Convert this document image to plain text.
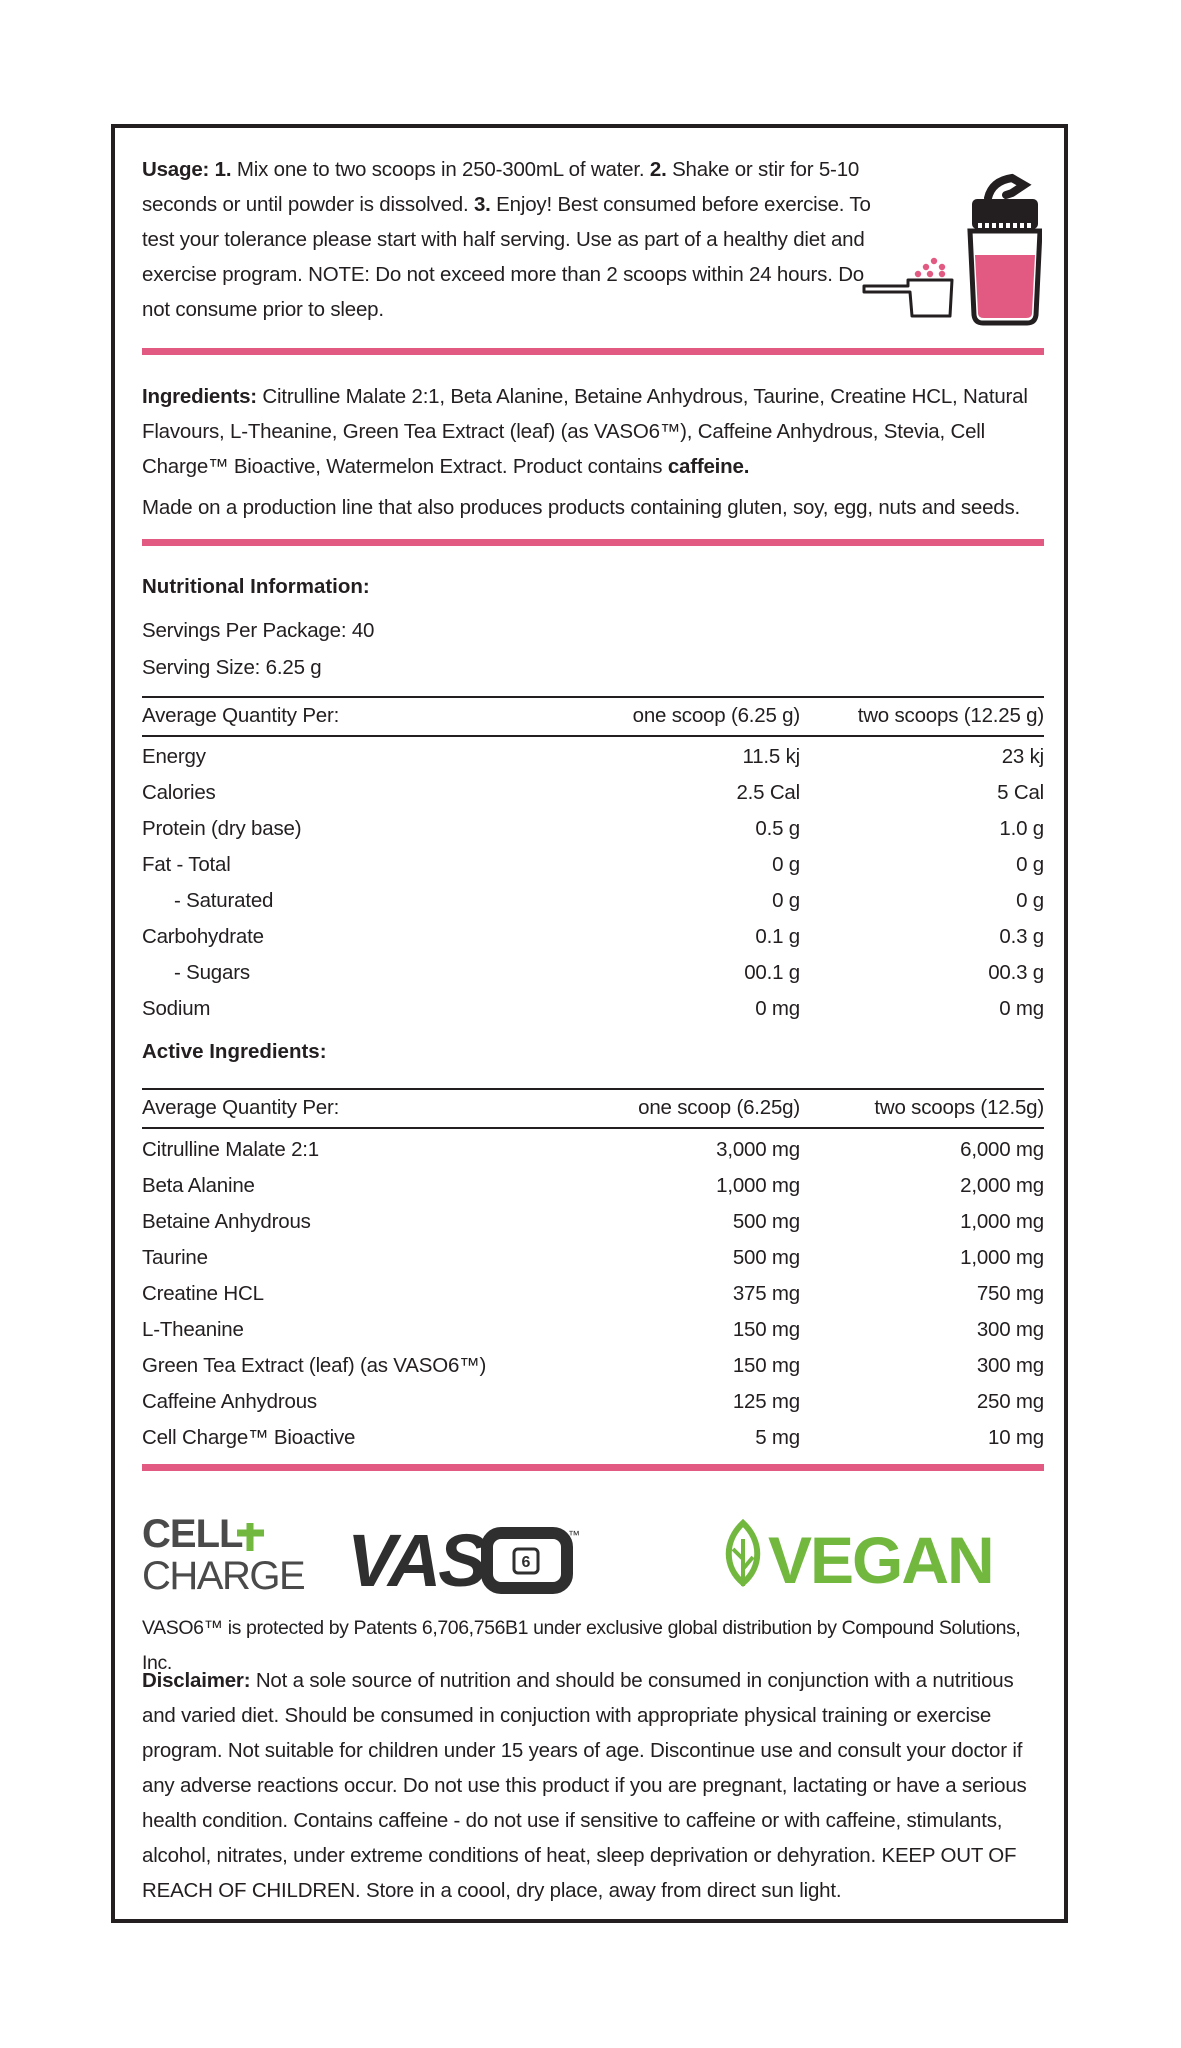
Usage: 1. Mix one to two scoops in 250-300mL of water. 2. Shake or stir for 5-10 seconds or until powder is dissolved. 3. Enjoy! Best consumed before exercise. To test your tolerance please start with half serving. Use as part of a healthy diet and exercise program. NOTE: Do not exceed more than 2 scoops within 24 hours. Do not consume prior to sleep.
Ingredients: Citrulline Malate 2:1, Beta Alanine, Betaine Anhydrous, Taurine, Creatine HCL, Natural Flavours, L-Theanine, Green Tea Extract (leaf) (as VASO6™), Caffeine Anhydrous, Stevia, Cell Charge™ Bioactive, Watermelon Extract. Product contains caffeine.
Made on a production line that also produces products containing gluten, soy, egg, nuts and seeds.
Nutritional Information:
Servings Per Package: 40
Serving Size: 6.25 g
Average Quantity Per:	one scoop (6.25 g)	two scoops (12.25 g)
Energy	11.5 kj	23 kj
Calories	2.5 Cal	5 Cal
Protein (dry base)	0.5 g	1.0 g
Fat - Total	0 g	0 g
- Saturated	0 g	0 g
Carbohydrate	0.1 g	0.3 g
- Sugars	00.1 g	00.3 g
Sodium	0 mg	0 mg
Active Ingredients:
Average Quantity Per:	one scoop (6.25g)	two scoops (12.5g)
Citrulline Malate 2:1	3,000 mg	6,000 mg
Beta Alanine	1,000 mg	2,000 mg
Betaine Anhydrous	500 mg	1,000 mg
Taurine	500 mg	1,000 mg
Creatine HCL	375 mg	750 mg
L-Theanine	150 mg	300 mg
Green Tea Extract (leaf) (as VASO6™)	150 mg	300 mg
Caffeine Anhydrous	125 mg	250 mg
Cell Charge™ Bioactive	5 mg	10 mg
CELL
CHARGE VAS 6
™	VEGAN
VASO6™ is protected by Patents 6,706,756B1 under exclusive global distribution by Compound Solutions, Inc.
Disclaimer: Not a sole source of nutrition and should be consumed in conjunction with a nutritious and varied diet. Should be consumed in conjuction with appropriate physical training or exercise program. Not suitable for children under 15 years of age. Discontinue use and consult your doctor if any adverse reactions occur. Do not use this product if you are pregnant, lactating or have a serious health condition. Contains caffeine - do not use if sensitive to caffeine or with caffeine, stimulants, alcohol, nitrates, under extreme conditions of heat, sleep deprivation or dehyration. KEEP OUT OF REACH OF CHILDREN. Store in a coool, dry place, away from direct sun light.
